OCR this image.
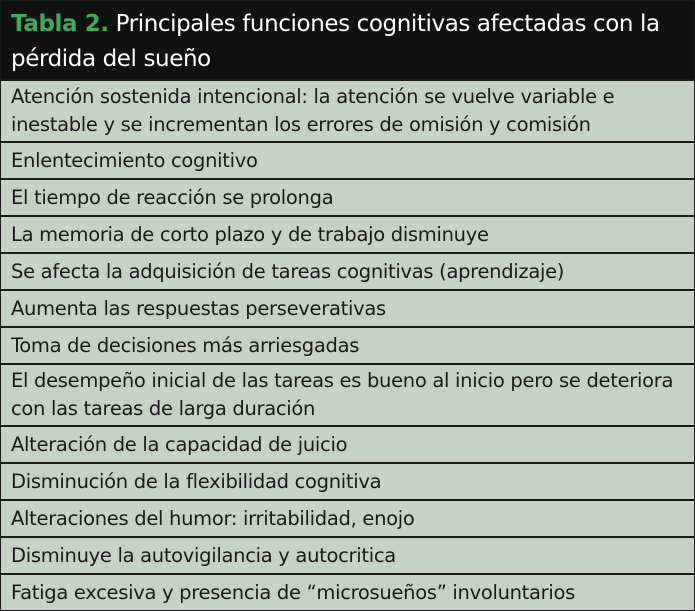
Tabla 2. Principales funciones cognitivas afectadas con la pérdida del sueño
Atención sostenida intencional: la atención se vuelve variable e inestable y se incrementan los errores de omisión y comisión
Enlentecimiento cognitivo
El tiempo de reacción se prolonga
La memoria de corto plazo y de trabajo disminuye
Se afecta la adquisición de tareas cognitivas (aprendizaje)
Aumenta las respuestas perseverativas
Toma de decisiones más arriesgadas
El desempeño inicial de las tareas es bueno al inicio pero se deteriora con las tareas de larga duración
Alteración de la capacidad de juicio
Disminución de la flexibilidad cognitiva
Alteraciones del humor: irritabilidad, enojo
Disminuye la autovigilancia y autocritica
Fatiga excesiva y presencia de “microsueños” involuntarios
